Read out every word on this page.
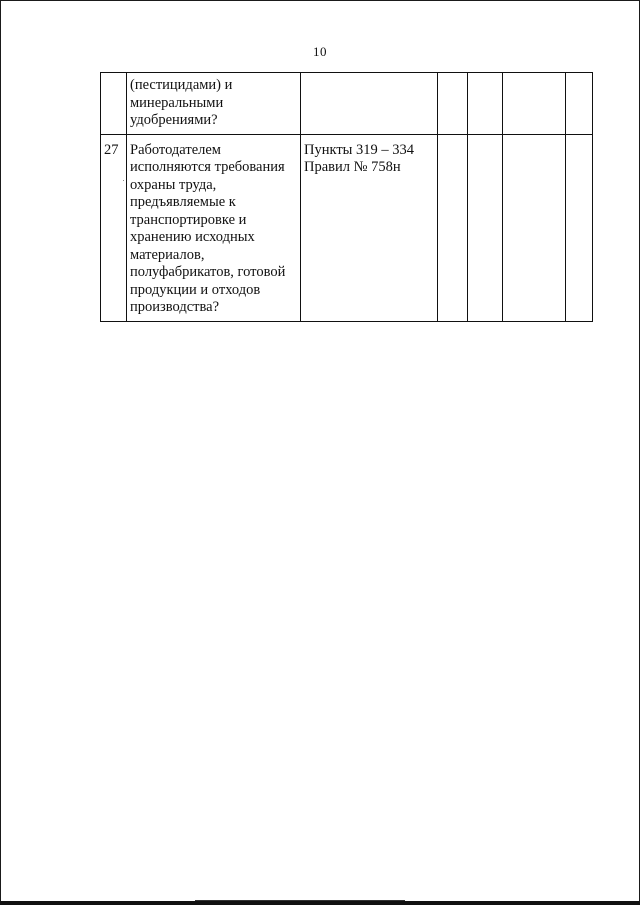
10
	(пестицидами) и минеральными удобрениями?					
27	Работодателем исполняются требования охраны труда, предъявляемые к транспортировке и хранению исходных материалов, полуфабрикатов, готовой продукции и отходов производства?	Пункты 319 – 334 Правил № 758н				
